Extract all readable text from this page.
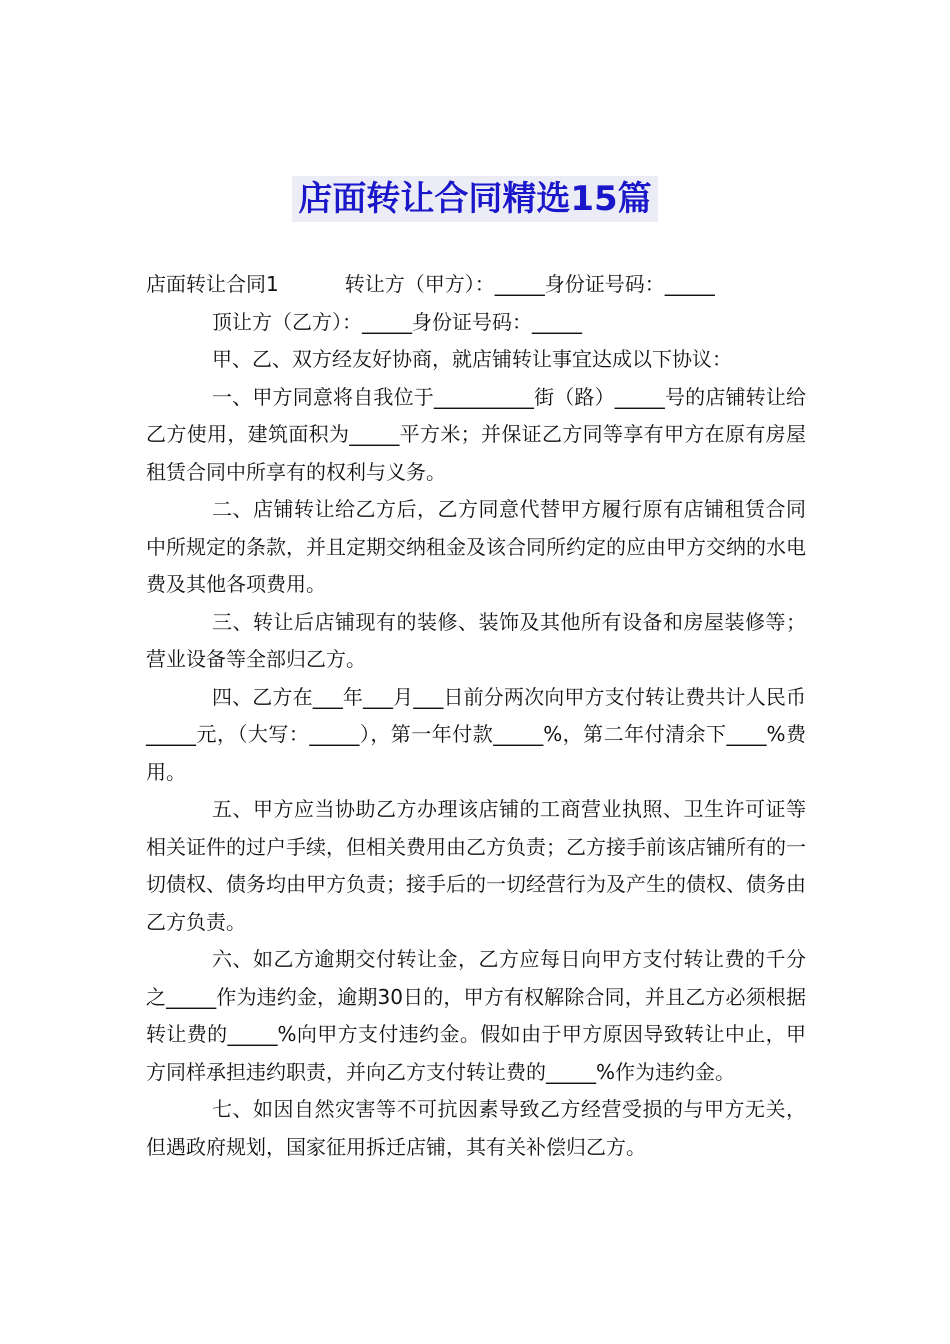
店面转让合同精选15篇

店面转让合同1	转让方（甲方）：_____身份证号码：_____

顶让方（乙方）：_____身份证号码：_____

甲、乙、双方经友好协商，就店铺转让事宜达成以下协议：

一、甲方同意将自我位于__________街（路）_____号的店铺转让给乙方使用，建筑面积为_____平方米；并保证乙方同等享有甲方在原有房屋租赁合同中所享有的权利与义务。

二、店铺转让给乙方后，乙方同意代替甲方履行原有店铺租赁合同中所规定的条款，并且定期交纳租金及该合同所约定的应由甲方交纳的水电费及其他各项费用。

三、转让后店铺现有的装修、装饰及其他所有设备和房屋装修等；营业设备等全部归乙方。

四、乙方在___年___月___日前分两次向甲方支付转让费共计人民币_____元，（大写：_____），第一年付款_____%，第二年付清余下____%费用。

五、甲方应当协助乙方办理该店铺的工商营业执照、卫生许可证等相关证件的过户手续，但相关费用由乙方负责；乙方接手前该店铺所有的一切债权、债务均由甲方负责；接手后的一切经营行为及产生的债权、债务由乙方负责。

六、如乙方逾期交付转让金，乙方应每日向甲方支付转让费的千分之_____作为违约金，逾期30日的，甲方有权解除合同，并且乙方必须根据转让费的_____%向甲方支付违约金。假如由于甲方原因导致转让中止，甲方同样承担违约职责，并向乙方支付转让费的_____%作为违约金。

七、如因自然灾害等不可抗因素导致乙方经营受损的与甲方无关，但遇政府规划，国家征用拆迁店铺，其有关补偿归乙方。
